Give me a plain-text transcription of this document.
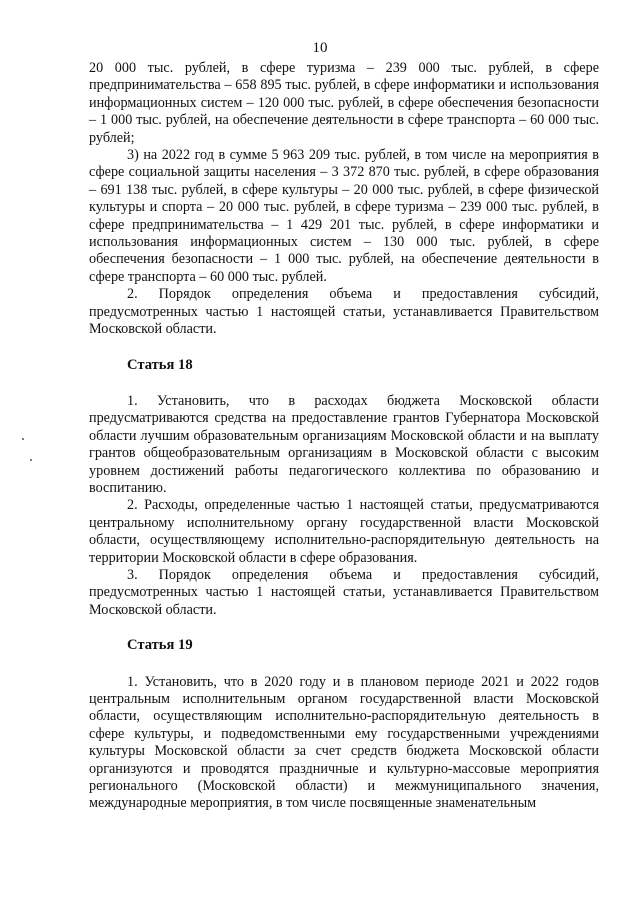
10

20 000 тыс. рублей, в сфере туризма – 239 000 тыс. рублей, в сфере предпринимательства – 658 895 тыс. рублей, в сфере информатики и использования информационных систем – 120 000 тыс. рублей, в сфере обеспечения безопасности – 1 000 тыс. рублей, на обеспечение деятельности в сфере транспорта – 60 000 тыс. рублей;

3) на 2022 год в сумме 5 963 209 тыс. рублей, в том числе на мероприятия в сфере социальной защиты населения – 3 372 870 тыс. рублей, в сфере образования – 691 138 тыс. рублей, в сфере культуры – 20 000 тыс. рублей, в сфере физической культуры и спорта – 20 000 тыс. рублей, в сфере туризма – 239 000 тыс. рублей, в сфере предпринимательства – 1 429 201 тыс. рублей, в сфере информатики и использования информационных систем – 130 000 тыс. рублей, в сфере обеспечения безопасности – 1 000 тыс. рублей, на обеспечение деятельности в сфере транспорта – 60 000 тыс. рублей.

2. Порядок определения объема и предоставления субсидий, предусмотренных частью 1 настоящей статьи, устанавливается Правительством Московской области.

Статья 18

1. Установить, что в расходах бюджета Московской области предусматриваются средства на предоставление грантов Губернатора Московской области лучшим образовательным организациям Московской области и на выплату грантов общеобразовательным организациям в Московской области с высоким уровнем достижений работы педагогического коллектива по образованию и воспитанию.

2. Расходы, определенные частью 1 настоящей статьи, предусматриваются центральному исполнительному органу государственной власти Московской области, осуществляющему исполнительно-распорядительную деятельность на территории Московской области в сфере образования.

3. Порядок определения объема и предоставления субсидий, предусмотренных частью 1 настоящей статьи, устанавливается Правительством Московской области.

Статья 19

1. Установить, что в 2020 году и в плановом периоде 2021 и 2022 годов центральным исполнительным органом государственной власти Московской области, осуществляющим исполнительно-распорядительную деятельность в сфере культуры, и подведомственными ему государственными учреждениями культуры Московской области за счет средств бюджета Московской области организуются и проводятся праздничные и культурно-массовые мероприятия регионального (Московской области) и межмуниципального значения, международные мероприятия, в том числе посвященные знаменательным
